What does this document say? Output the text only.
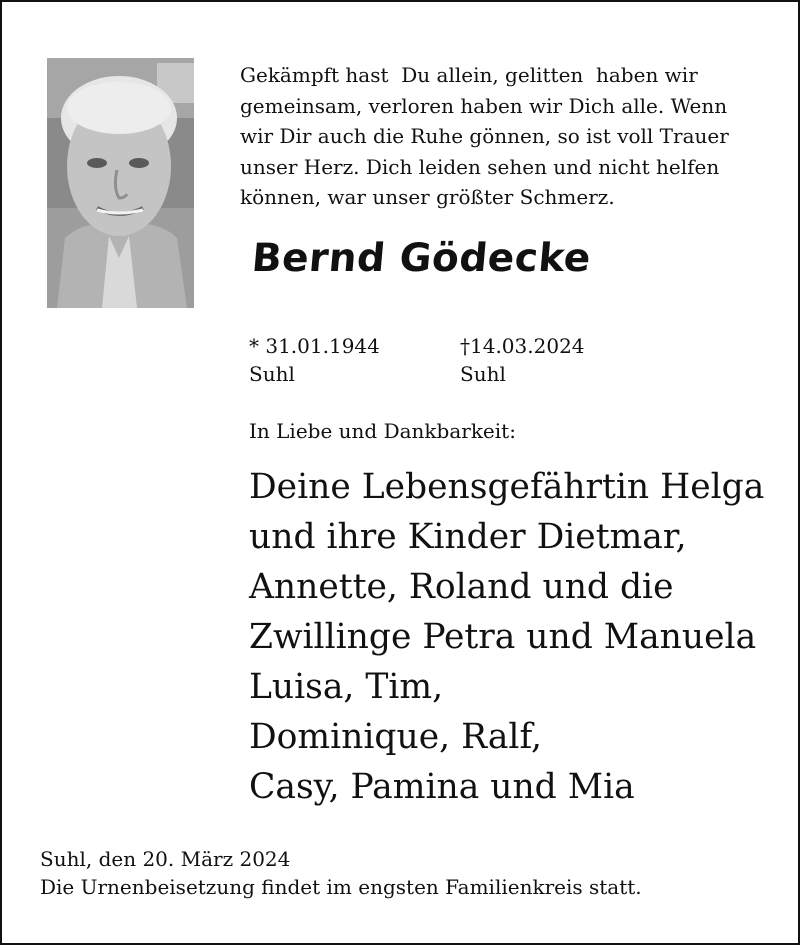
Gekämpft hast  Du allein, gelitten  haben wir
gemeinsam, verloren haben wir Dich alle. Wenn
wir Dir auch die Ruhe gönnen, so ist voll Trauer
unser Herz. Dich leiden sehen und nicht helfen
können, war unser größter Schmerz.
Bernd Gödecke
* 31.01.1944
Suhl
†14.03.2024
Suhl
In Liebe und Dankbarkeit:
Deine Lebensgefährtin Helga
und ihre Kinder Dietmar,
Annette, Roland und die
Zwillinge Petra und Manuela
Luisa, Tim,
Dominique, Ralf,
Casy, Pamina und Mia
Suhl, den 20. März 2024
Die Urnenbeisetzung findet im engsten Familienkreis statt.
